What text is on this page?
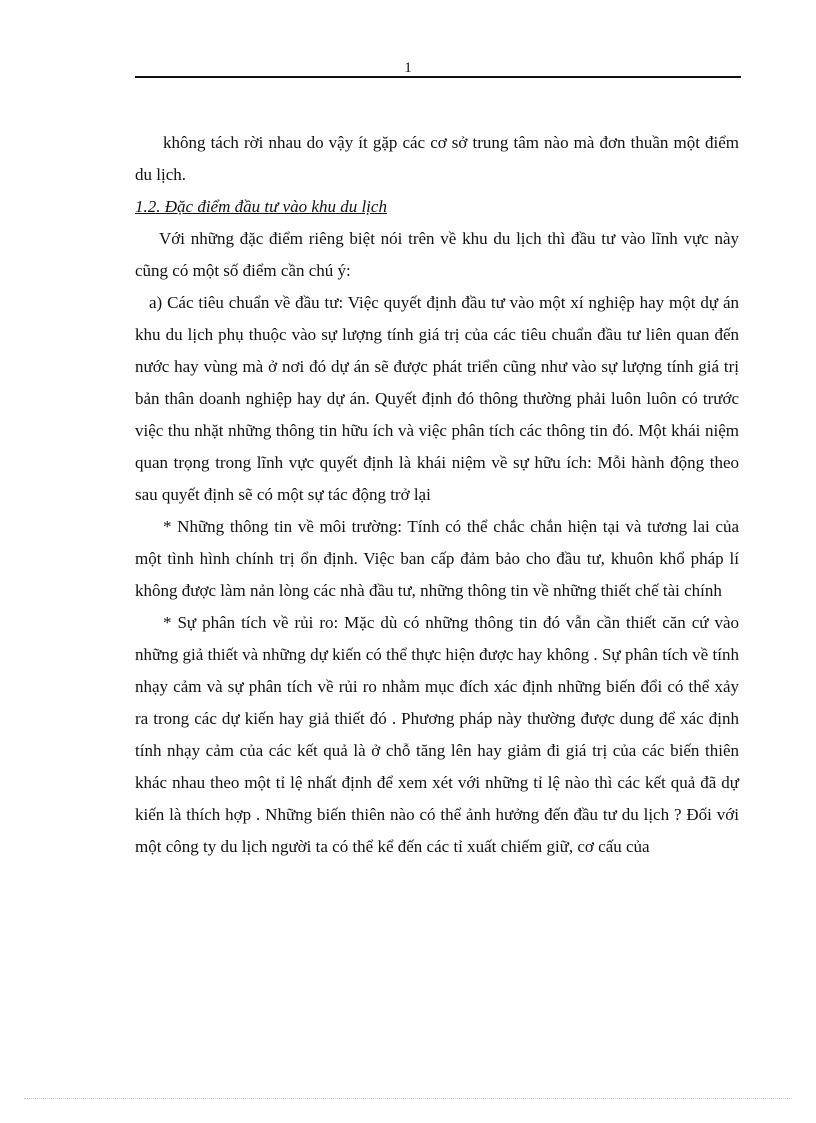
1

không tách rời nhau do vậy ít gặp các cơ sở trung tâm nào mà đơn thuần một điểm du lịch.

1.2. Đặc điểm đầu tư vào khu du lịch

Với những đặc điểm riêng biệt nói trên về khu du lịch thì đầu tư vào lĩnh vực này cũng có một số điểm cần chú ý:

a) Các tiêu chuẩn về đầu tư: Việc quyết định đầu tư vào một xí nghiệp hay một dự án khu du lịch phụ thuộc vào sự lượng tính giá trị của các tiêu chuẩn đầu tư liên quan đến nước hay vùng mà ở nơi đó dự án sẽ được phát triển cũng như vào sự lượng tính giá trị bản thân doanh nghiệp hay dự án. Quyết định đó thông thường phải luôn luôn có trước việc thu nhặt những thông tin hữu ích và việc phân tích các thông tin đó. Một khái niệm quan trọng trong lĩnh vực quyết định là khái niệm về sự hữu ích: Mỗi hành động theo sau quyết định sẽ có một sự tác động trở lại

* Những thông tin về môi trường: Tính có thể chắc chắn hiện tại và tương lai của một tình hình chính trị ổn định. Việc ban cấp đảm bảo cho đầu tư, khuôn khổ pháp lí không được làm nản lòng các nhà đầu tư, những thông tin về những thiết chế tài chính

* Sự phân tích về rủi ro: Mặc dù có những thông tin đó vẫn cần thiết căn cứ vào những giả thiết và những dự kiến có thể thực hiện được hay không . Sự phân tích về tính nhạy cảm và sự phân tích về rủi ro nhằm mục đích xác định những biến đổi có thể xảy ra trong các dự kiến hay giả thiết đó . Phương pháp này thường được dung để xác định tính nhạy cảm của các kết quả là ở chỗ tăng lên hay giảm đi giá trị của các biến thiên khác nhau theo một tỉ lệ nhất định để xem xét với những tỉ lệ nào thì các kết quả đã dự kiến là thích hợp . Những biến thiên nào có thể ảnh hưởng đến đầu tư du lịch ? Đối với một công ty du lịch người ta có thể kể đến các tỉ xuất chiếm giữ, cơ cấu của
